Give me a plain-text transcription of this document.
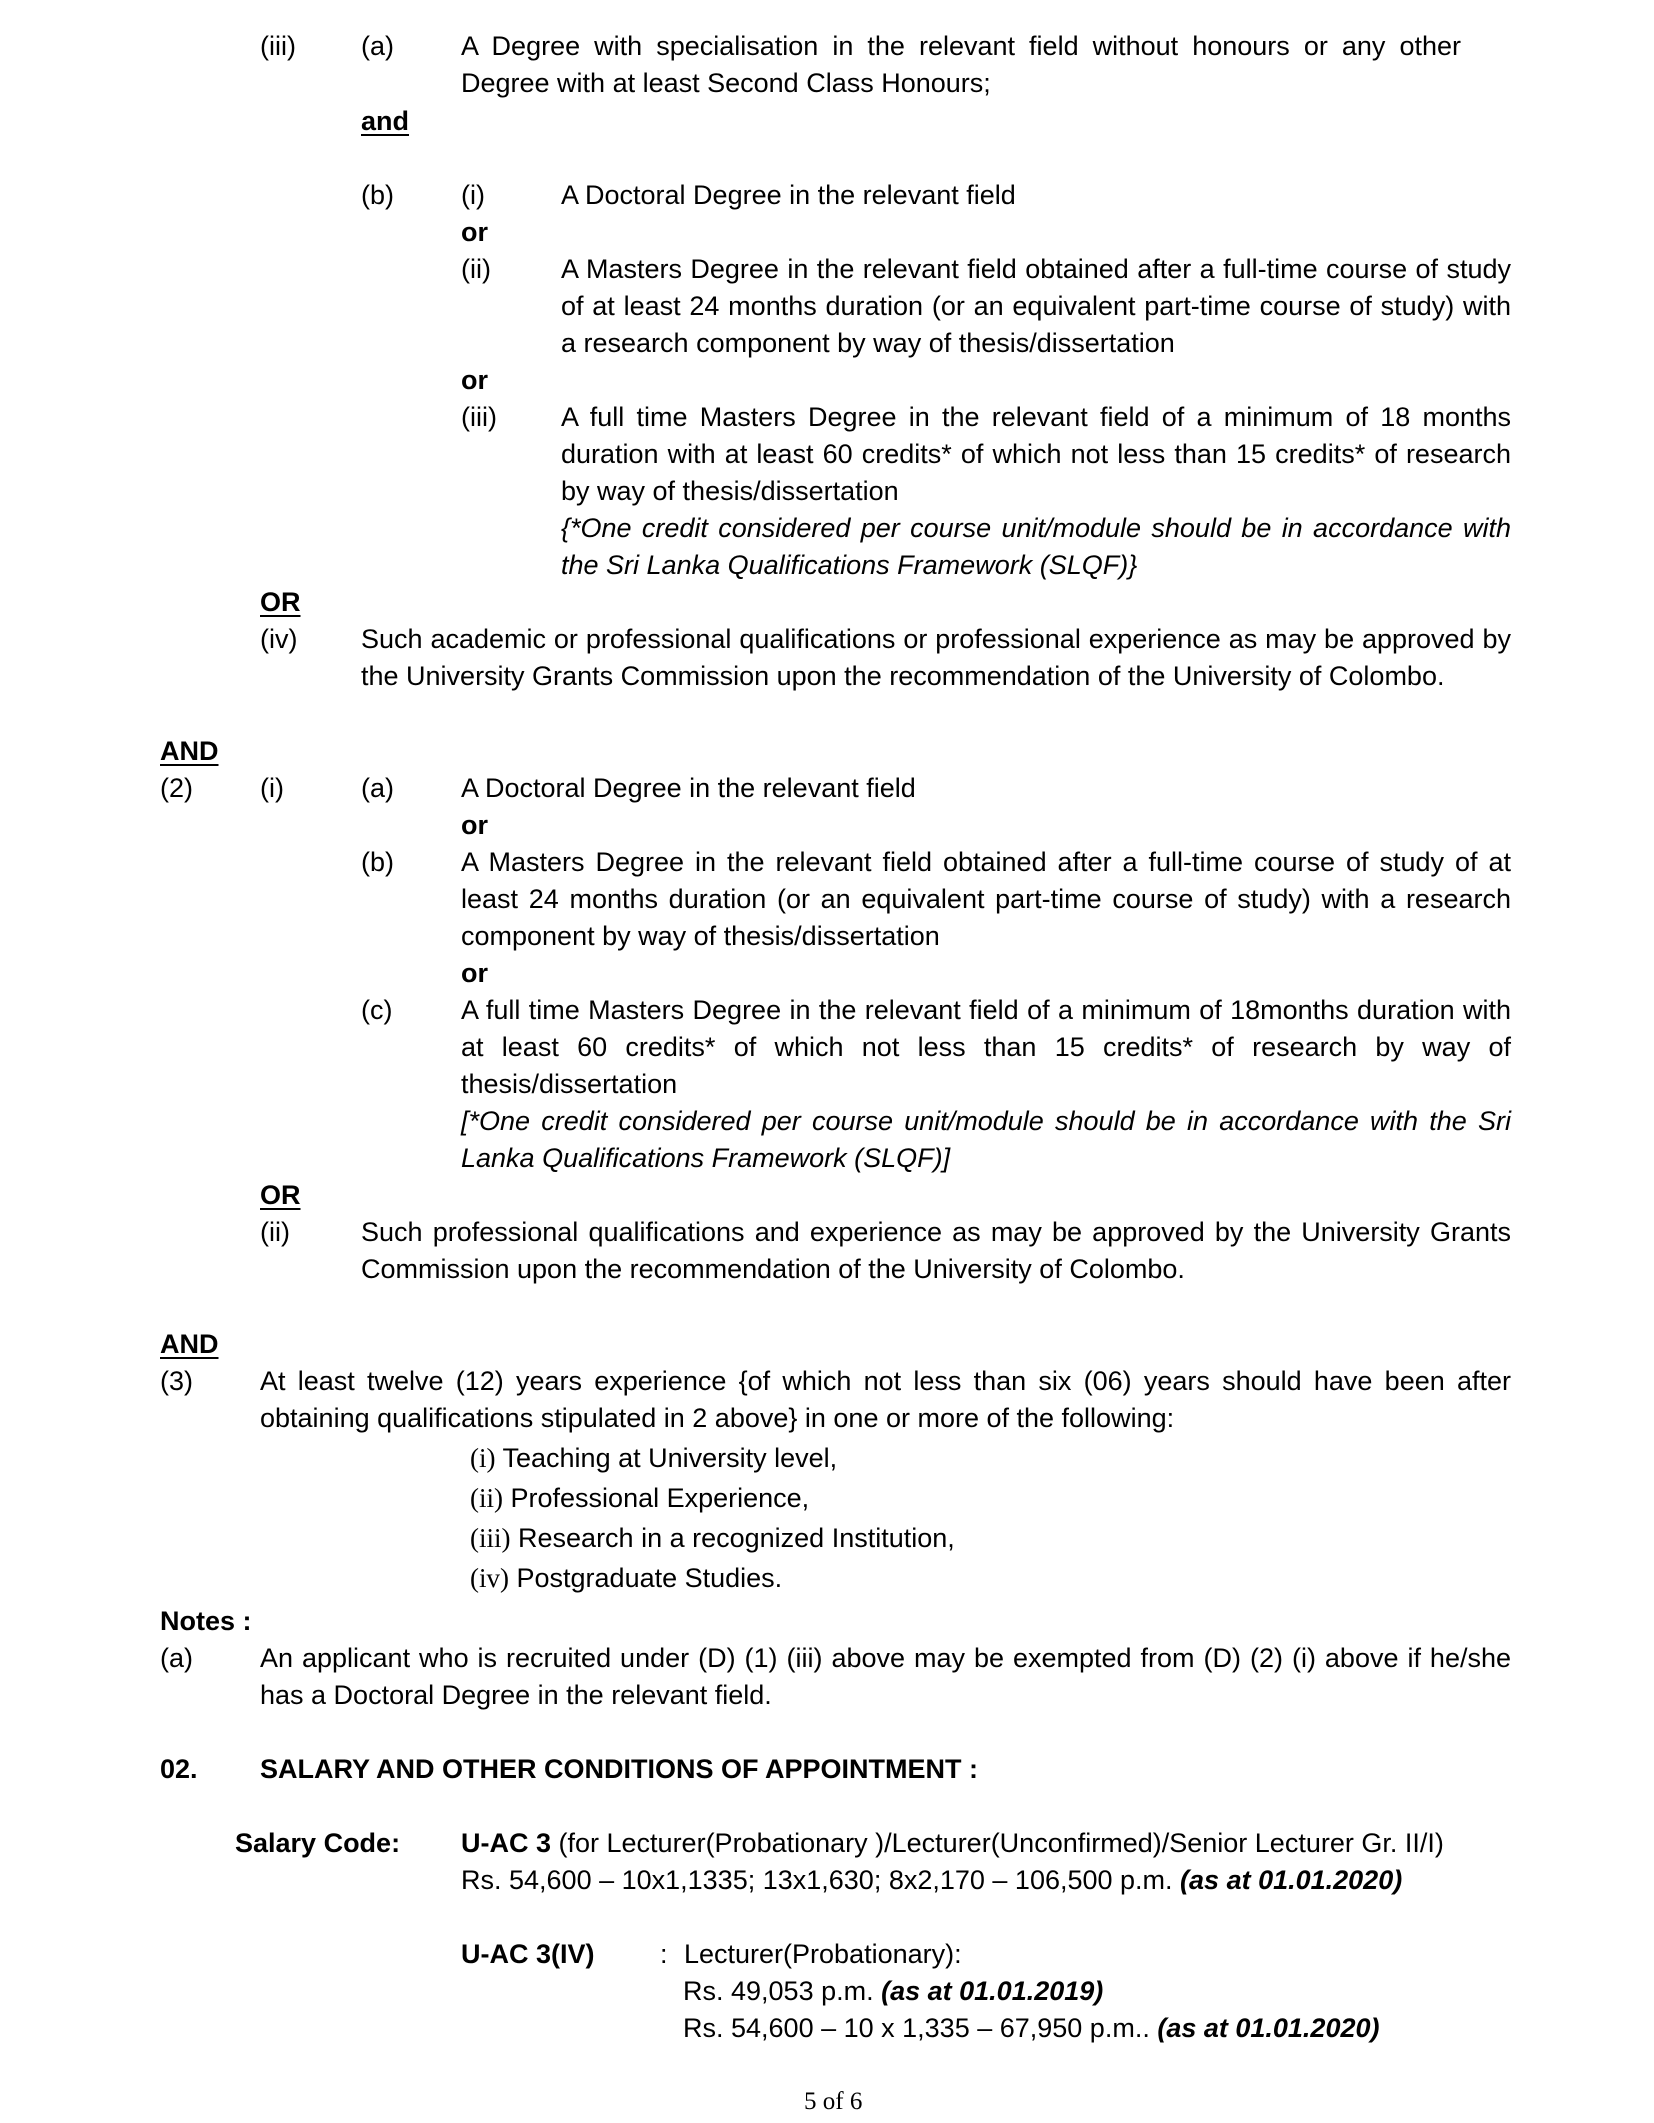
(iii) (a) A Degree with specialisation in the relevant field without honours or any other Degree with at least Second Class Honours;

and

(b) (i)	A Doctoral Degree in the relevant field

or

(ii)	A Masters Degree in the relevant field obtained after a full-time course of study of at least 24 months duration (or an equivalent part-time course of study) with a research component by way of thesis/dissertation

or

(iii) A full time Masters Degree in the relevant field of a minimum of 18 months duration with at least 60 credits* of which not less than 15 credits* of research by way of thesis/dissertation

{*One credit considered per course unit/module should be in accordance with the Sri Lanka Qualifications Framework (SLQF)}

OR

(iv) Such academic or professional qualifications or professional experience as may be approved by the University Grants Commission upon the recommendation of the University of Colombo.

AND

(2) (i)	(a) A Doctoral Degree in the relevant field

or

(b) A Masters Degree in the relevant field obtained after a full-time course of study of at least 24 months duration (or an equivalent part-time course of study) with a research component by way of thesis/dissertation

or

(c)	A full time Masters Degree in the relevant field of a minimum of 18months duration with at least 60 credits* of which not less than 15 credits* of research by way of thesis/dissertation

[*One credit considered per course unit/module should be in accordance with the Sri Lanka Qualifications Framework (SLQF)]

OR

(ii)	Such professional qualifications and experience as may be approved by the University Grants Commission upon the recommendation of the University of Colombo.

AND

(3) At least twelve (12) years experience {of which not less than six (06) years should have been after obtaining qualifications stipulated in 2 above} in one or more of the following:

(i) Teaching at University level,
(ii) Professional Experience,
(iii) Research in a recognized Institution,
(iv) Postgraduate Studies.

Notes :

(a) An applicant who is recruited under (D) (1) (iii) above may be exempted from (D) (2) (i) above if he/she has a Doctoral Degree in the relevant field.

02. SALARY AND OTHER CONDITIONS OF APPOINTMENT :

Salary Code: U-AC 3 (for Lecturer(Probationary )/Lecturer(Unconfirmed)/Senior Lecturer Gr. II/I)

Rs. 54,600 – 10x1,1335; 13x1,630; 8x2,170 – 106,500 p.m. (as at 01.01.2020)

U-AC 3(IV) : Lecturer(Probationary):

Rs. 49,053 p.m. (as at 01.01.2019)

Rs. 54,600 – 10 x 1,335 – 67,950 p.m.. (as at 01.01.2020)

5 of 6
